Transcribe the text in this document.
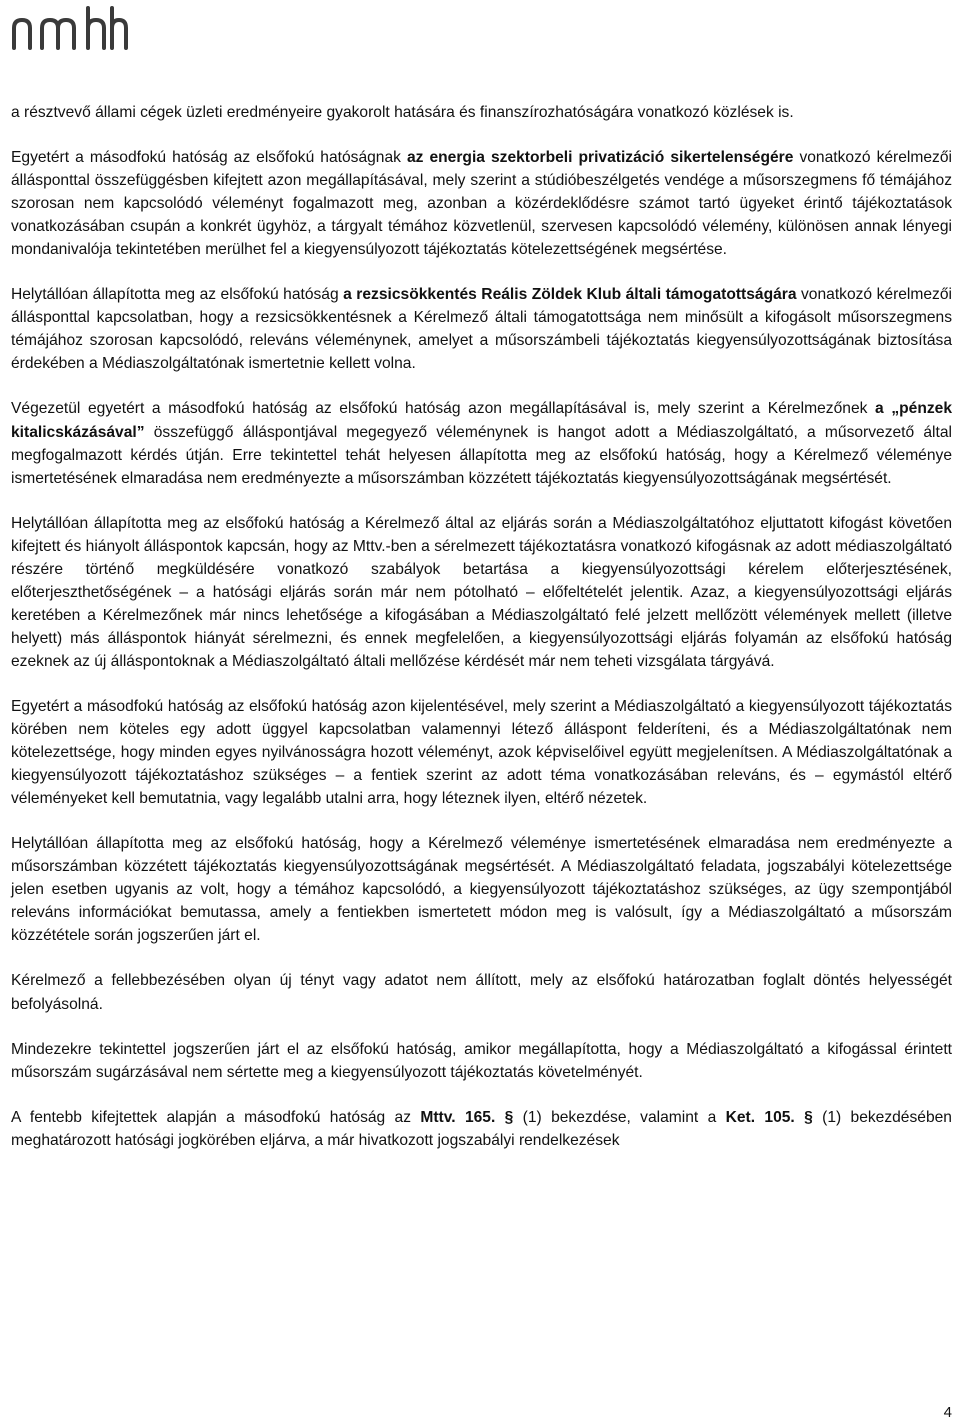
a résztvevő állami cégek üzleti eredményeire gyakorolt hatására és finanszírozhatóságára vonatkozó közlések is.

Egyetért a másodfokú hatóság az elsőfokú hatóságnak az energia szektorbeli privatizáció sikertelenségére vonatkozó kérelmezői állásponttal összefüggésben kifejtett azon megállapításával, mely szerint a stúdióbeszélgetés vendége a műsorszegmens fő témájához szorosan nem kapcsolódó véleményt fogalmazott meg, azonban a közérdeklődésre számot tartó ügyeket érintő tájékoztatások vonatkozásában csupán a konkrét ügyhöz, a tárgyalt témához közvetlenül, szervesen kapcsolódó vélemény, különösen annak lényegi mondanivalója tekintetében merülhet fel a kiegyensúlyozott tájékoztatás kötelezettségének megsértése.

Helytállóan állapította meg az elsőfokú hatóság a rezsicsökkentés Reális Zöldek Klub általi támogatottságára vonatkozó kérelmezői állásponttal kapcsolatban, hogy a rezsicsökkentésnek a Kérelmező általi támogatottsága nem minősült a kifogásolt műsorszegmens témájához szorosan kapcsolódó, releváns véleménynek, amelyet a műsorszámbeli tájékoztatás kiegyensúlyozottságának biztosítása érdekében a Médiaszolgáltatónak ismertetnie kellett volna.

Végezetül egyetért a másodfokú hatóság az elsőfokú hatóság azon megállapításával is, mely szerint a Kérelmezőnek a „pénzek kitalicskázásával” összefüggő álláspontjával megegyező véleménynek is hangot adott a Médiaszolgáltató, a műsorvezető által megfogalmazott kérdés útján. Erre tekintettel tehát helyesen állapította meg az elsőfokú hatóság, hogy a Kérelmező véleménye ismertetésének elmaradása nem eredményezte a műsorszámban közzétett tájékoztatás kiegyensúlyozottságának megsértését.

Helytállóan állapította meg az elsőfokú hatóság a Kérelmező által az eljárás során a Médiaszolgáltatóhoz eljuttatott kifogást követően kifejtett és hiányolt álláspontok kapcsán, hogy az Mttv.-ben a sérelmezett tájékoztatásra vonatkozó kifogásnak az adott médiaszolgáltató részére történő megküldésére vonatkozó szabályok betartása a kiegyensúlyozottsági kérelem előterjesztésének, előterjeszthetőségének – a hatósági eljárás során már nem pótolható – előfeltételét jelentik. Azaz, a kiegyensúlyozottsági eljárás keretében a Kérelmezőnek már nincs lehetősége a kifogásában a Médiaszolgáltató felé jelzett mellőzött vélemények mellett (illetve helyett) más álláspontok hiányát sérelmezni, és ennek megfelelően, a kiegyensúlyozottsági eljárás folyamán az elsőfokú hatóság ezeknek az új álláspontoknak a Médiaszolgáltató általi mellőzése kérdését már nem teheti vizsgálata tárgyává.

Egyetért a másodfokú hatóság az elsőfokú hatóság azon kijelentésével, mely szerint a Médiaszolgáltató a kiegyensúlyozott tájékoztatás körében nem köteles egy adott üggyel kapcsolatban valamennyi létező álláspont felderíteni, és a Médiaszolgáltatónak nem kötelezettsége, hogy minden egyes nyilvánosságra hozott véleményt, azok képviselőivel együtt megjelenítsen. A Médiaszolgáltatónak a kiegyensúlyozott tájékoztatáshoz szükséges – a fentiek szerint az adott téma vonatkozásában releváns, és – egymástól eltérő véleményeket kell bemutatnia, vagy legalább utalni arra, hogy léteznek ilyen, eltérő nézetek.

Helytállóan állapította meg az elsőfokú hatóság, hogy a Kérelmező véleménye ismertetésének elmaradása nem eredményezte a műsorszámban közzétett tájékoztatás kiegyensúlyozottságának megsértését. A Médiaszolgáltató feladata, jogszabályi kötelezettsége jelen esetben ugyanis az volt, hogy a témához kapcsolódó, a kiegyensúlyozott tájékoztatáshoz szükséges, az ügy szempontjából releváns információkat bemutassa, amely a fentiekben ismertetett módon meg is valósult, így a Médiaszolgáltató a műsorszám közzététele során jogszerűen járt el.

Kérelmező a fellebbezésében olyan új tényt vagy adatot nem állított, mely az elsőfokú határozatban foglalt döntés helyességét befolyásolná.

Mindezekre tekintettel jogszerűen járt el az elsőfokú hatóság, amikor megállapította, hogy a Médiaszolgáltató a kifogással érintett műsorszám sugárzásával nem sértette meg a kiegyensúlyozott tájékoztatás követelményét.

A fentebb kifejtettek alapján a másodfokú hatóság az Mttv. 165. § (1) bekezdése, valamint a Ket. 105. § (1) bekezdésében meghatározott hatósági jogkörében eljárva, a már hivatkozott jogszabályi rendelkezések

4
